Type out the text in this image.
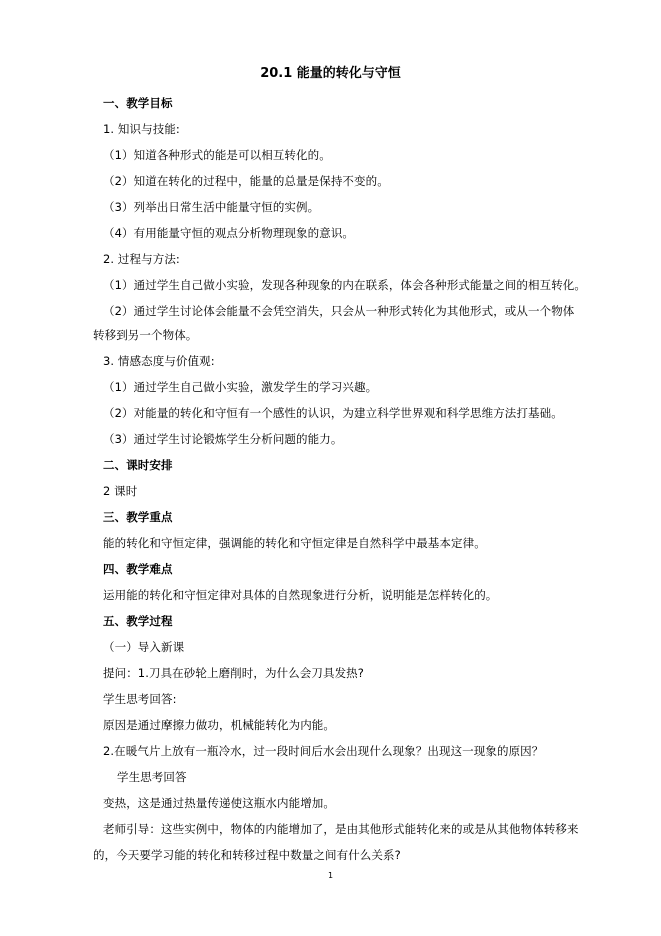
20.1 能量的转化与守恒
一、教学目标
1. 知识与技能:
（1）知道各种形式的能是可以相互转化的。
（2）知道在转化的过程中，能量的总量是保持不变的。
（3）列举出日常生活中能量守恒的实例。
（4）有用能量守恒的观点分析物理现象的意识。
2. 过程与方法:
（1）通过学生自己做小实验，发现各种现象的内在联系，体会各种形式能量之间的相互转化。
（2）通过学生讨论体会能量不会凭空消失，只会从一种形式转化为其他形式，或从一个物体
转移到另一个物体。
3. 情感态度与价值观:
（1）通过学生自己做小实验，激发学生的学习兴趣。
（2）对能量的转化和守恒有一个感性的认识，为建立科学世界观和科学思维方法打基础。
（3）通过学生讨论锻炼学生分析问题的能力。
二、课时安排
2 课时
三、教学重点
能的转化和守恒定律，强调能的转化和守恒定律是自然科学中最基本定律。
四、教学难点
运用能的转化和守恒定律对具体的自然现象进行分析，说明能是怎样转化的。
五、教学过程
（一）导入新课
提问：1.刀具在砂轮上磨削时，为什么会刀具发热?
学生思考回答:
原因是通过摩擦力做功，机械能转化为内能。
2.在暖气片上放有一瓶冷水，过一段时间后水会出现什么现象？出现这一现象的原因？
学生思考回答
变热，这是通过热量传递使这瓶水内能增加。
老师引导：这些实例中，物体的内能增加了，是由其他形式能转化来的或是从其他物体转移来
的，今天要学习能的转化和转移过程中数量之间有什么关系?
1
